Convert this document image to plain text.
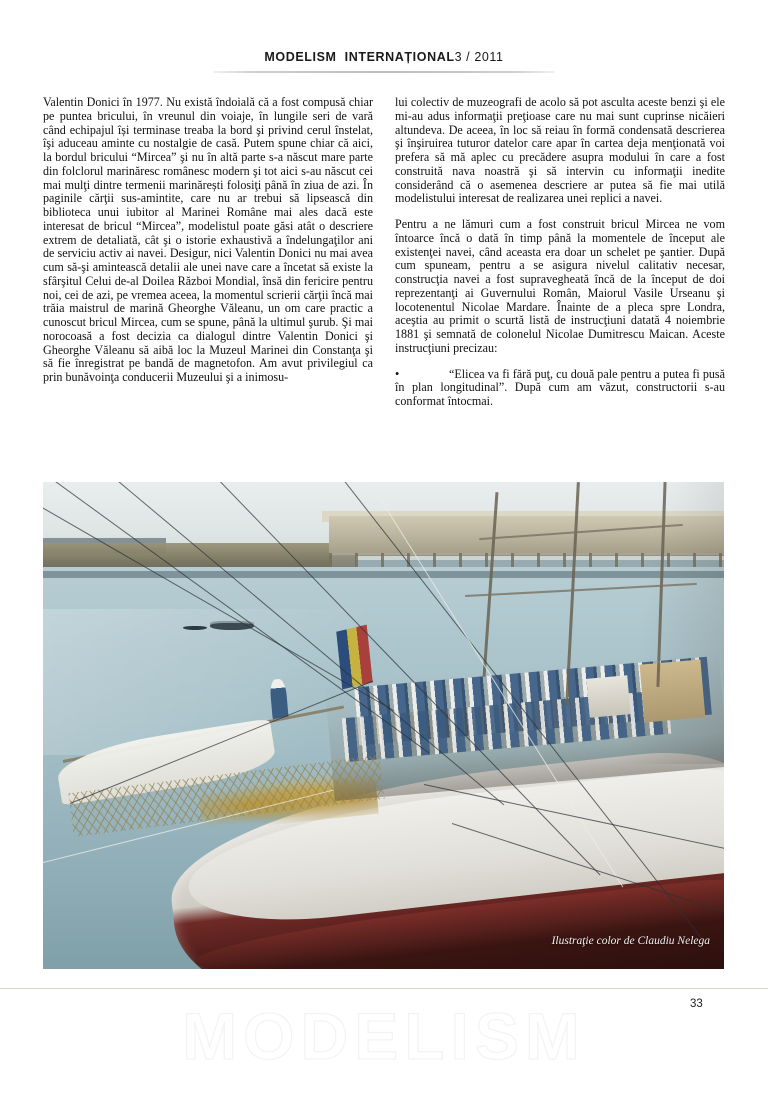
MODELISM  INTERNAȚIONAL3 / 2011

Valentin Donici în 1977. Nu există îndoială că a fost compusă chiar pe puntea bricului, în vreunul din voiaje, în lungile seri de vară când echipajul își terminase treaba la bord şi privind cerul înstelat, îşi aduceau aminte cu nostalgie de casă. Putem spune chiar că aici, la bordul bricului “Mircea” şi nu în altă parte s-a născut mare parte din folclorul marinăresc românesc modern şi tot aici s-au născut cei mai mulţi dintre termenii marinărești folosiţi până în ziua de azi. În paginile cărţii sus-amintite, care nu ar trebui să lipsească din biblioteca unui iubitor al Marinei Române mai ales dacă este interesat de bricul “Mircea”, modelistul poate găsi atât o descriere extrem de detaliată, cât şi o istorie exhaustivă a îndelungaţilor ani de serviciu activ ai navei. Desigur, nici Valentin Donici nu mai avea cum să-şi amintească detalii ale unei nave care a încetat să existe la sfârşitul Celui de-al Doilea Război Mondial, însă din fericire pentru noi, cei de azi, pe vremea aceea, la momentul scrierii cărţii încă mai trăia maistrul de marină Gheorghe Văleanu, un om care practic a cunoscut bricul Mircea, cum se spune, până la ultimul şurub. Şi mai norocoasă a fost decizia ca dialogul dintre Valentin Donici şi Gheorghe Văleanu să aibă loc la Muzeul Marinei din Constanţa şi să fie înregistrat pe bandă de magnetofon. Am avut privilegiul ca prin bunăvoinţa conducerii Muzeului şi a inimosu-

lui colectiv de muzeografi de acolo să pot asculta aceste benzi şi ele mi-au adus informaţii preţioase care nu mai sunt cuprinse nicăieri altundeva. De aceea, în loc să reiau în formă condensată descrierea şi înşiruirea tuturor datelor care apar în cartea deja menţionată voi prefera să mă aplec cu precădere asupra modului în care a fost construită nava noastră şi să intervin cu informaţii inedite considerând că o asemenea descriere ar putea să fie mai utilă modelistului interesat de realizarea unei replici a navei.

Pentru a ne lămuri cum a fost construit bricul Mircea ne vom întoarce încă o dată în timp până la momentele de început ale existenţei navei, când aceasta era doar un schelet pe şantier. După cum spuneam, pentru a se asigura nivelul calitativ necesar, construcţia navei a fost supravegheată încă de la început de doi reprezentanţi ai Guvernului Român, Maiorul Vasile Urseanu şi locotenentul Nicolae Mardare. Înainte de a pleca spre Londra, aceştia au primit o scurtă listă de instrucţiuni datată 4 noiembrie 1881 şi semnată de colonelul Nicolae Dumitrescu Maican. Aceste instrucţiuni precizau:

•	“Elicea va fi fără puţ, cu două pale pentru a putea fi pusă în plan longitudinal”. După cum am văzut, constructorii s-au conformat întocmai.

Ilustraţie color de Claudiu Nelega
MODELISM	33
